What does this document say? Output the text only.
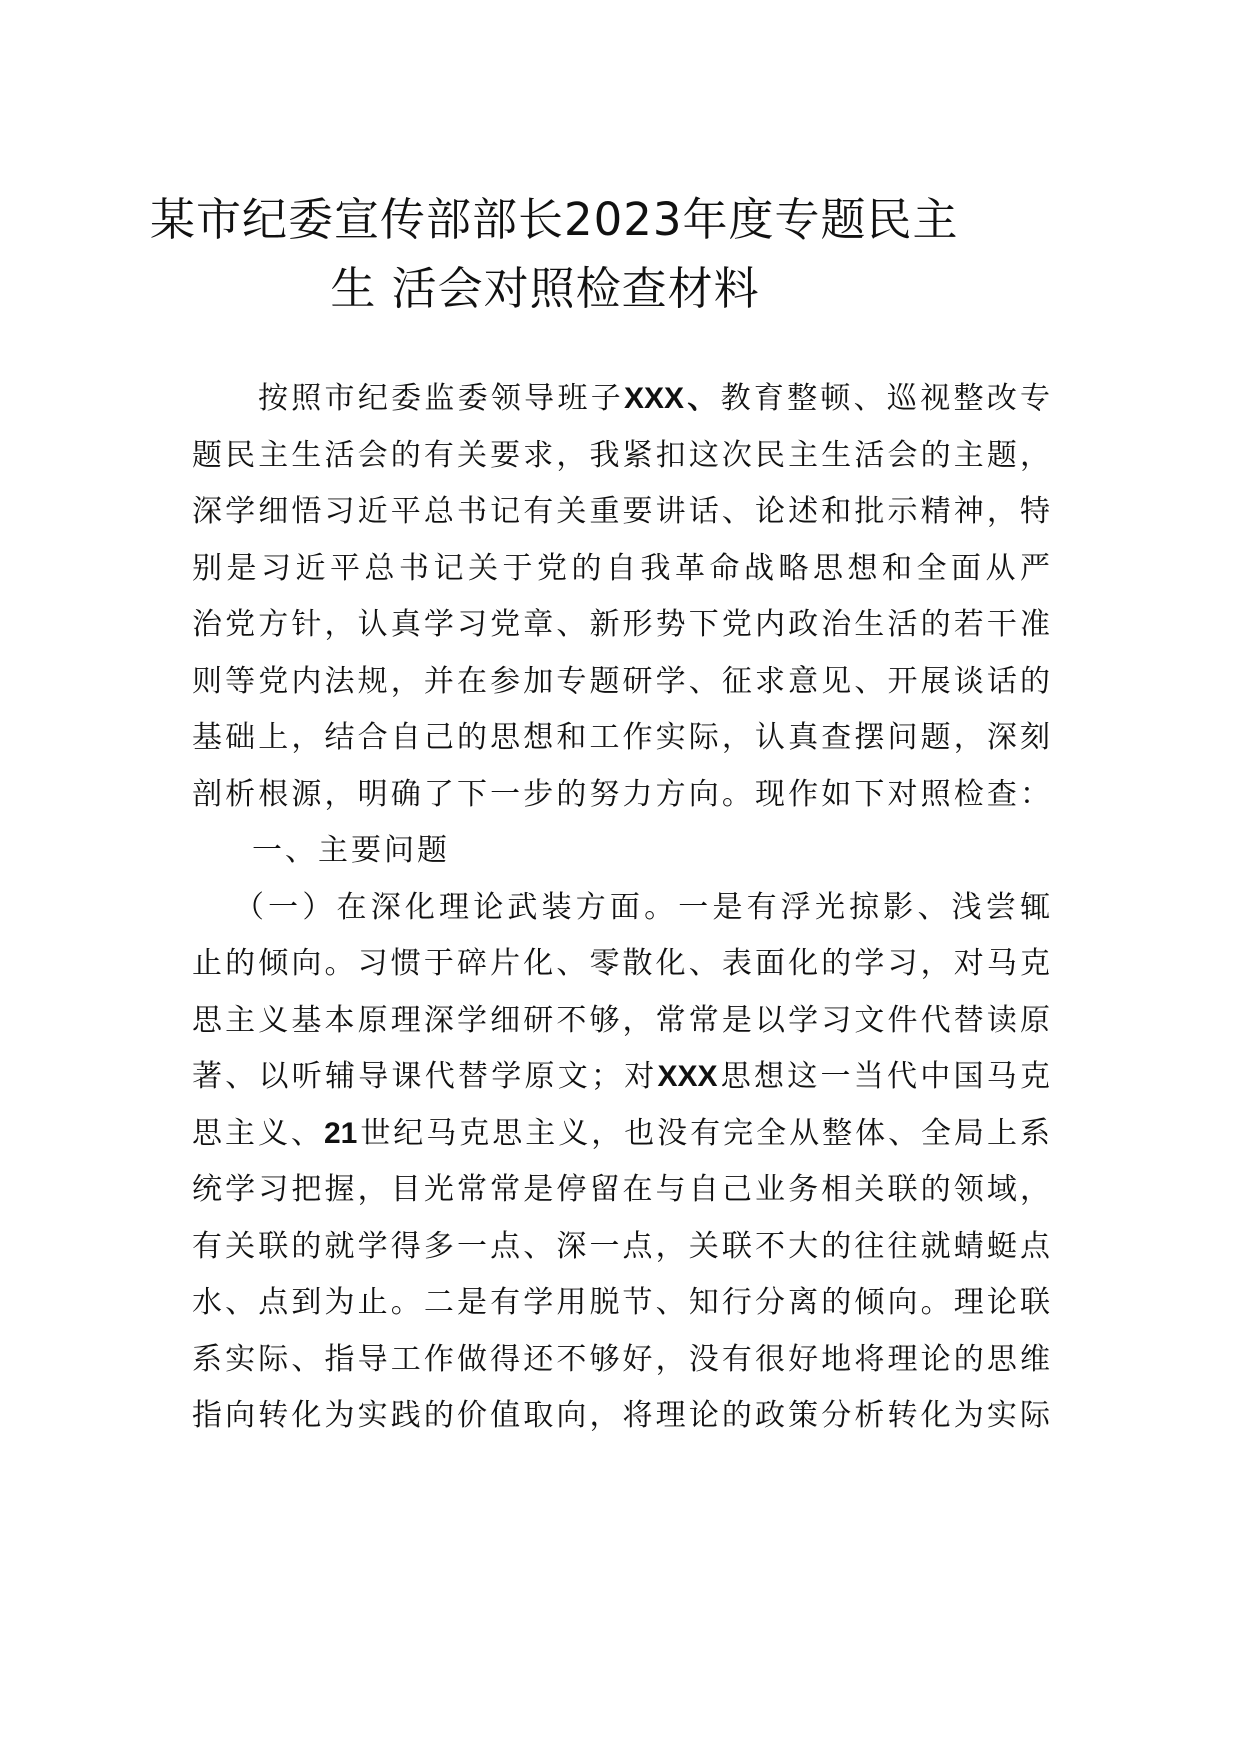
某市纪委宣传部部长2023年度专题民主
生 活会对照检查材料
按照市纪委监委领导班子XXX、教育整顿、巡视整改专
题民主生活会的有关要求，我紧扣这次民主生活会的主题，
深学细悟习近平总书记有关重要讲话、论述和批示精神，特
别是习近平总书记关于党的自我革命战略思想和全面从严
治党方针，认真学习党章、新形势下党内政治生活的若干准
则等党内法规，并在参加专题研学、征求意见、开展谈话的
基础上，结合自己的思想和工作实际，认真查摆问题，深刻
剖析根源，明确了下一步的努力方向。现作如下对照检查：
一、主要问题
（一）在深化理论武装方面。一是有浮光掠影、浅尝辄
止的倾向。习惯于碎片化、零散化、表面化的学习，对马克
思主义基本原理深学细研不够，常常是以学习文件代替读原
著、以听辅导课代替学原文；对XXX思想这一当代中国马克
思主义、21世纪马克思主义，也没有完全从整体、全局上系
统学习把握，目光常常是停留在与自己业务相关联的领域，
有关联的就学得多一点、深一点，关联不大的往往就蜻蜓点
水、点到为止。二是有学用脱节、知行分离的倾向。理论联
系实际、指导工作做得还不够好，没有很好地将理论的思维
指向转化为实践的价值取向，将理论的政策分析转化为实际
